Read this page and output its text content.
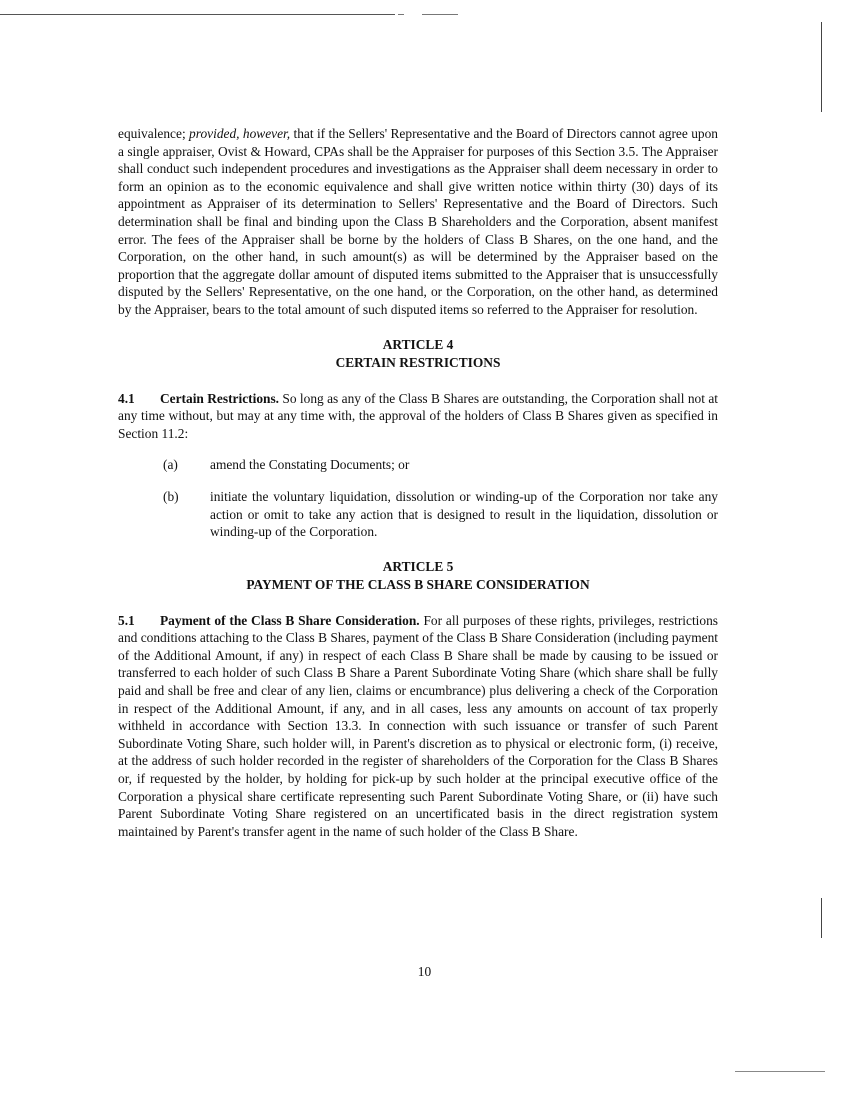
equivalence; provided, however, that if the Sellers' Representative and the Board of Directors cannot agree upon a single appraiser, Ovist & Howard, CPAs shall be the Appraiser for purposes of this Section 3.5. The Appraiser shall conduct such independent procedures and investigations as the Appraiser shall deem necessary in order to form an opinion as to the economic equivalence and shall give written notice within thirty (30) days of its appointment as Appraiser of its determination to Sellers' Representative and the Board of Directors. Such determination shall be final and binding upon the Class B Shareholders and the Corporation, absent manifest error. The fees of the Appraiser shall be borne by the holders of Class B Shares, on the one hand, and the Corporation, on the other hand, in such amount(s) as will be determined by the Appraiser based on the proportion that the aggregate dollar amount of disputed items submitted to the Appraiser that is unsuccessfully disputed by the Sellers' Representative, on the one hand, or the Corporation, on the other hand, as determined by the Appraiser, bears to the total amount of such disputed items so referred to the Appraiser for resolution.

ARTICLE 4
CERTAIN RESTRICTIONS

4.1 Certain Restrictions. So long as any of the Class B Shares are outstanding, the Corporation shall not at any time without, but may at any time with, the approval of the holders of Class B Shares given as specified in Section 11.2:

(a)	amend the Constating Documents; or
(b)	initiate the voluntary liquidation, dissolution or winding-up of the Corporation nor take any action or omit to take any action that is designed to result in the liquidation, dissolution or winding-up of the Corporation.
ARTICLE 5
PAYMENT OF THE CLASS B SHARE CONSIDERATION

5.1 Payment of the Class B Share Consideration. For all purposes of these rights, privileges, restrictions and conditions attaching to the Class B Shares, payment of the Class B Share Consideration (including payment of the Additional Amount, if any) in respect of each Class B Share shall be made by causing to be issued or transferred to each holder of such Class B Share a Parent Subordinate Voting Share (which share shall be fully paid and shall be free and clear of any lien, claims or encumbrance) plus delivering a check of the Corporation in respect of the Additional Amount, if any, and in all cases, less any amounts on account of tax properly withheld in accordance with Section 13.3. In connection with such issuance or transfer of such Parent Subordinate Voting Share, such holder will, in Parent's discretion as to physical or electronic form, (i) receive, at the address of such holder recorded in the register of shareholders of the Corporation for the Class B Shares or, if requested by the holder, by holding for pick-up by such holder at the principal executive office of the Corporation a physical share certificate representing such Parent Subordinate Voting Share, or (ii) have such Parent Subordinate Voting Share registered on an uncertificated basis in the direct registration system maintained by Parent's transfer agent in the name of such holder of the Class B Share.

10
